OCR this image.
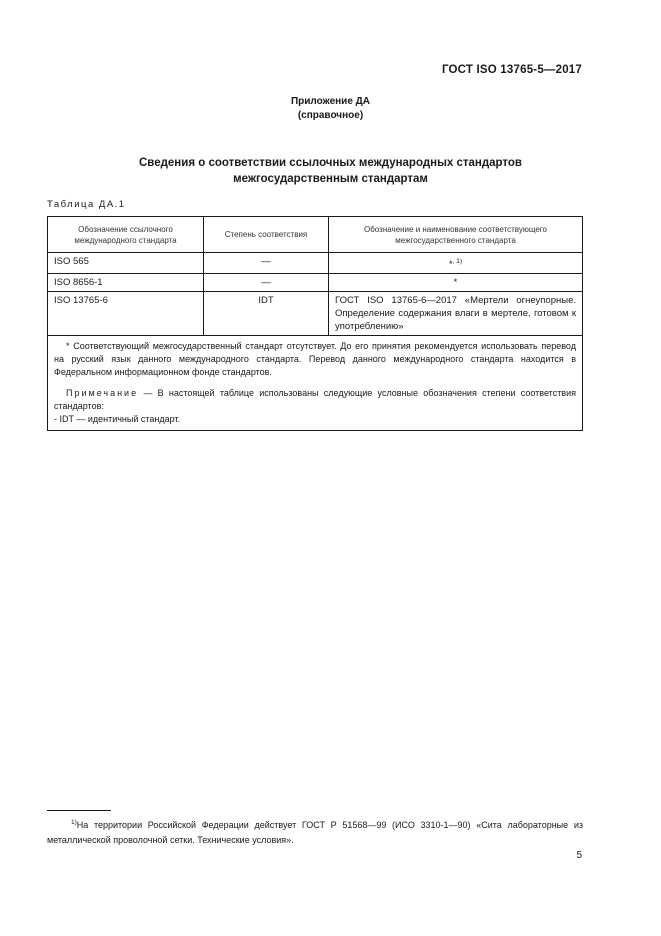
ГОСТ ISO 13765-5—2017
Приложение ДА
(справочное)
Сведения о соответствии ссылочных международных стандартов
межгосударственным стандартам
Таблица ДА.1
Обозначение ссылочного международного стандарта	Степень соответствия	Обозначение и наименование соответствующего межгосударственного стандарта
ISO 565	—	*$^{, 1)}$
ISO 8656-1	—	*
ISO 13765-6	IDT	ГОСТ ISO 13765-6—2017 «Мертели огнеупорные. Определение содержания влаги в мертеле, готовом к употреблению»

* Соответствующий межгосударственный стандарт отсутствует. До его принятия рекомендуется использовать перевод на русский язык данного международного стандарта. Перевод данного международного стандарта находится в Федеральном информационном фонде стандартов.

Примечание — В настоящей таблице использованы следующие условные обозначения степени соответствия стандартов:

- IDT — идентичный стандарт.		

$^{1)}$На территории Российской Федерации действует ГОСТ Р 51568—99 (ИСО 3310-1—90) «Сита лабораторные из металлической проволочной сетки. Технические условия».
5
